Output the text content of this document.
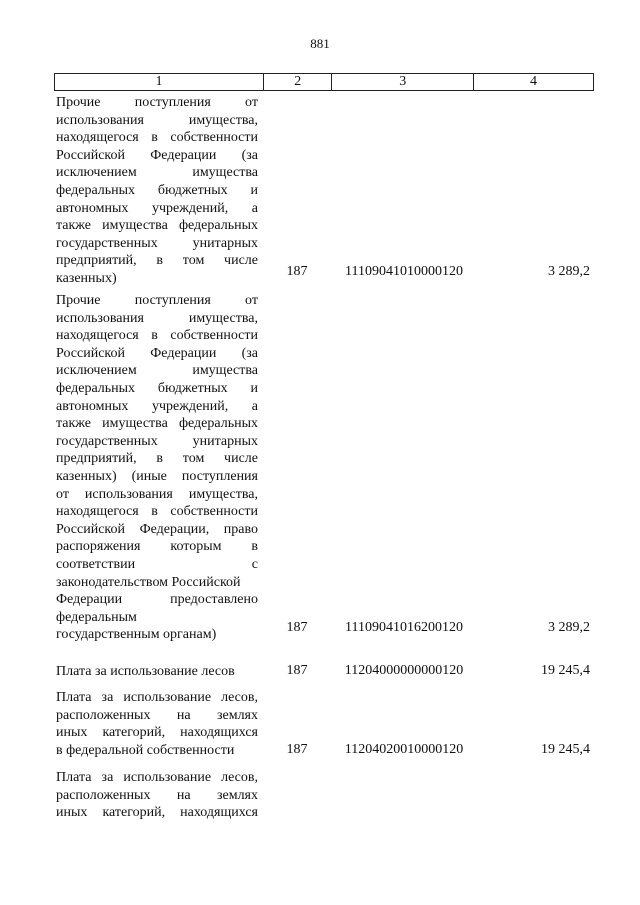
881
1	2	3	4
Прочие поступления от
использования имущества,
находящегося в собственности
Российской Федерации (за
исключением имущества
федеральных бюджетных и
автономных учреждений, а
также имущества федеральных
государственных унитарных
предприятий, в том числе
казенных)	187	11109041010000120	3 289,2
Прочие поступления от
использования имущества,
находящегося в собственности
Российской Федерации (за
исключением имущества
федеральных бюджетных и
автономных учреждений, а
также имущества федеральных
государственных унитарных
предприятий, в том числе
казенных) (иные поступления
от использования имущества,
находящегося в собственности
Российской Федерации, право
распоряжения которым в
соответствии с
законодательством Российской
Федерации предоставлено
федеральным
государственным органам)	187	11109041016200120	3 289,2
Плата за использование лесов	187	11204000000000120	19 245,4
Плата за использование лесов,
расположенных на землях
иных категорий, находящихся
в федеральной собственности	187	11204020010000120	19 245,4
Плата за использование лесов,
расположенных на землях
иных категорий, находящихся
